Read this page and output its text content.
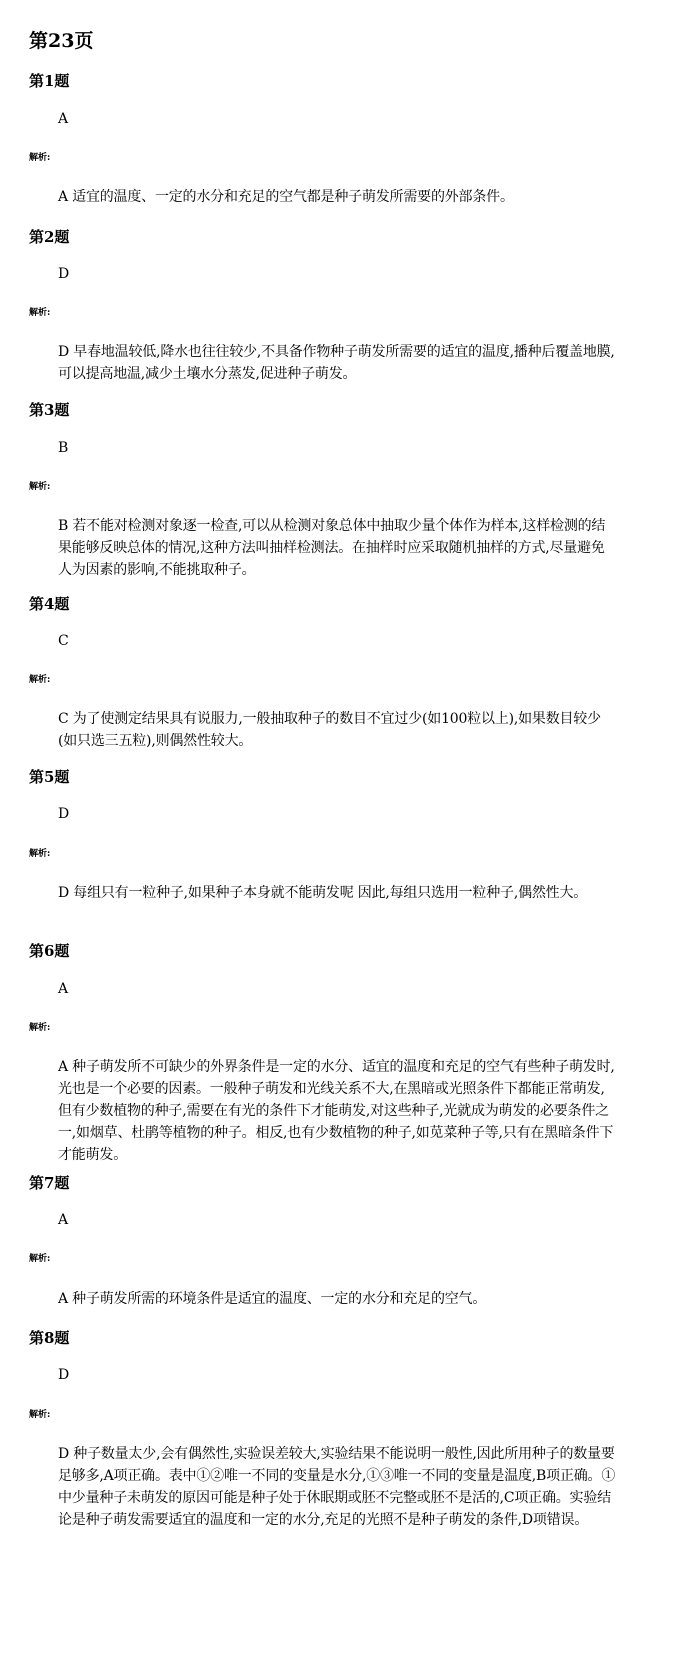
第23页
第1题
A
解析:
A 适宜的温度、一定的水分和充足的空气都是种子萌发所需要的外部条件。
第2题
D
解析:
D 早春地温较低,降水也往往较少,不具备作物种子萌发所需要的适宜的温度,播种后覆盖地膜,可以提高地温,减少土壤水分蒸发,促进种子萌发。
第3题
B
解析:
B 若不能对检测对象逐一检查,可以从检测对象总体中抽取少量个体作为样本,这样检测的结果能够反映总体的情况,这种方法叫抽样检测法。在抽样时应采取随机抽样的方式,尽量避免人为因素的影响,不能挑取种子。
第4题
C
解析:
C 为了使测定结果具有说服力,一般抽取种子的数目不宜过少(如100粒以上),如果数目较少(如只选三五粒),则偶然性较大。
第5题
D
解析:
D 每组只有一粒种子,如果种子本身就不能萌发呢 因此,每组只选用一粒种子,偶然性大。
第6题
A
解析:
A 种子萌发所不可缺少的外界条件是一定的水分、适宜的温度和充足的空气有些种子萌发时,光也是一个必要的因素。一般种子萌发和光线关系不大,在黑暗或光照条件下都能正常萌发,但有少数植物的种子,需要在有光的条件下才能萌发,对这些种子,光就成为萌发的必要条件之一,如烟草、杜鹃等植物的种子。相反,也有少数植物的种子,如苋菜种子等,只有在黑暗条件下才能萌发。
第7题
A
解析:
A 种子萌发所需的环境条件是适宜的温度、一定的水分和充足的空气。
第8题
D
解析:
D 种子数量太少,会有偶然性,实验误差较大,实验结果不能说明一般性,因此所用种子的数量要足够多,A项正确。表中①②唯一不同的变量是水分,①③唯一不同的变量是温度,B项正确。①中少量种子未萌发的原因可能是种子处于休眠期或胚不完整或胚不是活的,C项正确。实验结论是种子萌发需要适宜的温度和一定的水分,充足的光照不是种子萌发的条件,D项错误。
